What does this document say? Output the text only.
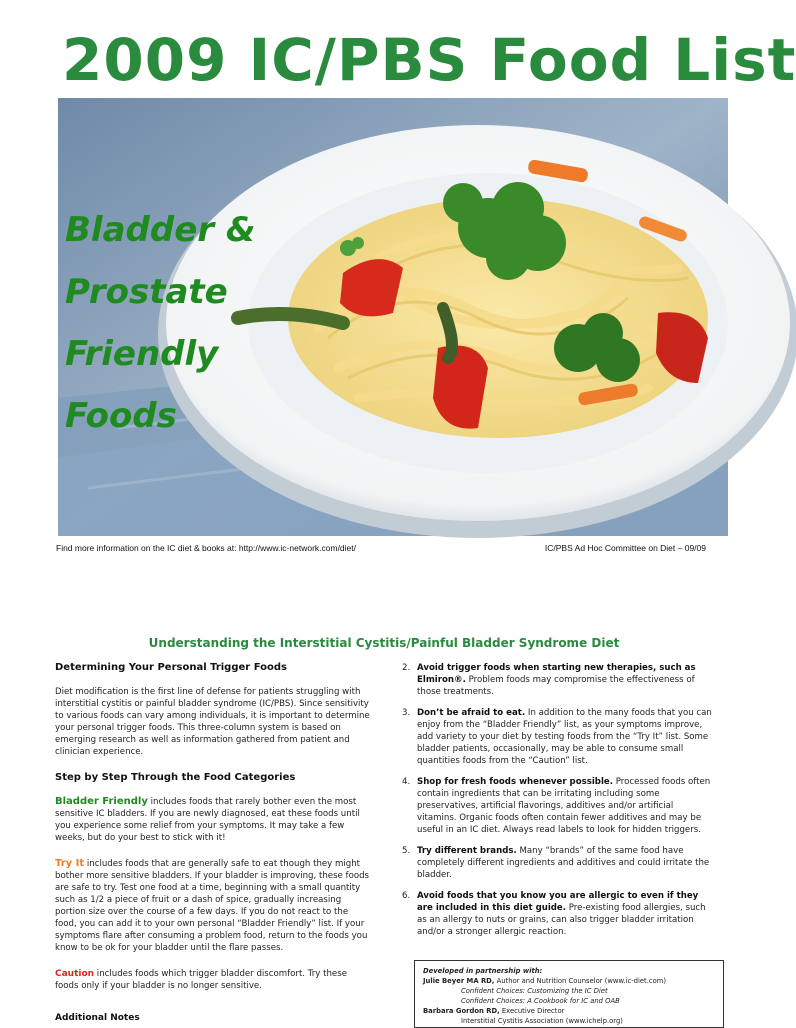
2009 IC/PBS Food List
Bladder &
Prostate
Friendly
Foods
ic-network.com
Find more information on the IC diet & books at: http://www.ic-network.com/diet/	IC/PBS Ad Hoc Committee on Diet – 09/09
Understanding the Interstitial Cystitis/Painful Bladder Syndrome Diet
Determining Your Personal Trigger Foods

Diet modification is the first line of defense for patients struggling with interstitial cystitis or painful bladder syndrome (IC/PBS). Since sensitivity to various foods can vary among individuals, it is important to determine your personal trigger foods. This three-column system is based on emerging research as well as information gathered from patient and clinician experience.

Step by Step Through the Food Categories

Bladder Friendly includes foods that rarely bother even the most sensitive IC bladders. If you are newly diagnosed, eat these foods until you experience some relief from your symptoms. It may take a few weeks, but do your best to stick with it!

Try It includes foods that are generally safe to eat though they might bother more sensitive bladders. If your bladder is improving, these foods are safe to try. Test one food at a time, beginning with a small quantity such as 1/2 a piece of fruit or a dash of spice, gradually increasing portion size over the course of a few days. If you do not react to the food, you can add it to your own personal “Bladder Friendly” list. If your symptoms flare after consuming a problem food, return to the foods you know to be ok for your bladder until the flare passes.

Caution includes foods which trigger bladder discomfort. Try these foods only if your bladder is no longer sensitive.

Additional Notes
2. Avoid trigger foods when starting new therapies, such as Elmiron®. Problem foods may compromise the effectiveness of those treatments.
3. Don’t be afraid to eat. In addition to the many foods that you can enjoy from the “Bladder Friendly” list, as your symptoms improve, add variety to your diet by testing foods from the “Try It” list. Some bladder patients, occasionally, may be able to consume small quantities foods from the “Caution” list.
4. Shop for fresh foods whenever possible. Processed foods often contain ingredients that can be irritating including some preservatives, artificial flavorings, additives and/or artificial vitamins. Organic foods often contain fewer additives and may be useful in an IC diet. Always read labels to look for hidden triggers.
5. Try different brands. Many “brands” of the same food have completely different ingredients and additives and could irritate the bladder.
6. Avoid foods that you know you are allergic to even if they are included in this diet guide. Pre-existing food allergies, such as an allergy to nuts or grains, can also trigger bladder irritation and/or a stronger allergic reaction.
Developed in partnership with:
Julie Beyer MA RD, Author and Nutrition Counselor (www.ic-diet.com)
Confident Choices: Customizing the IC Diet
Confident Choices: A Cookbook for IC and OAB
Barbara Gordon RD, Executive Director
Interstitial Cystitis Association (www.ichelp.org)
